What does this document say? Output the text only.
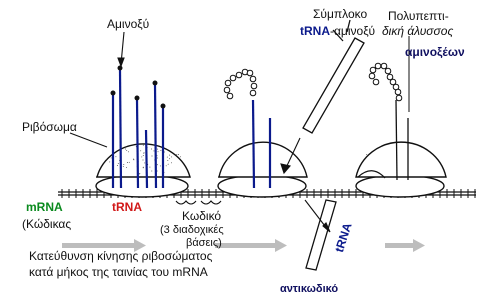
Αμινοξύ
Σύμπλοκο
tRNA-αμινοξύ
Πολυπεπτι-
δική άλυσσος
αμινοξέων
Ριβόσωμα
mRNA
(Κώδικας
tRNA
Κωδικό
(3 διαδοχικές
βάσεις)
Κατεύθυνση κίνησης ριβοσώματος
κατά μήκος της ταινίας του mRNA
tRNA
αντικωδικό
